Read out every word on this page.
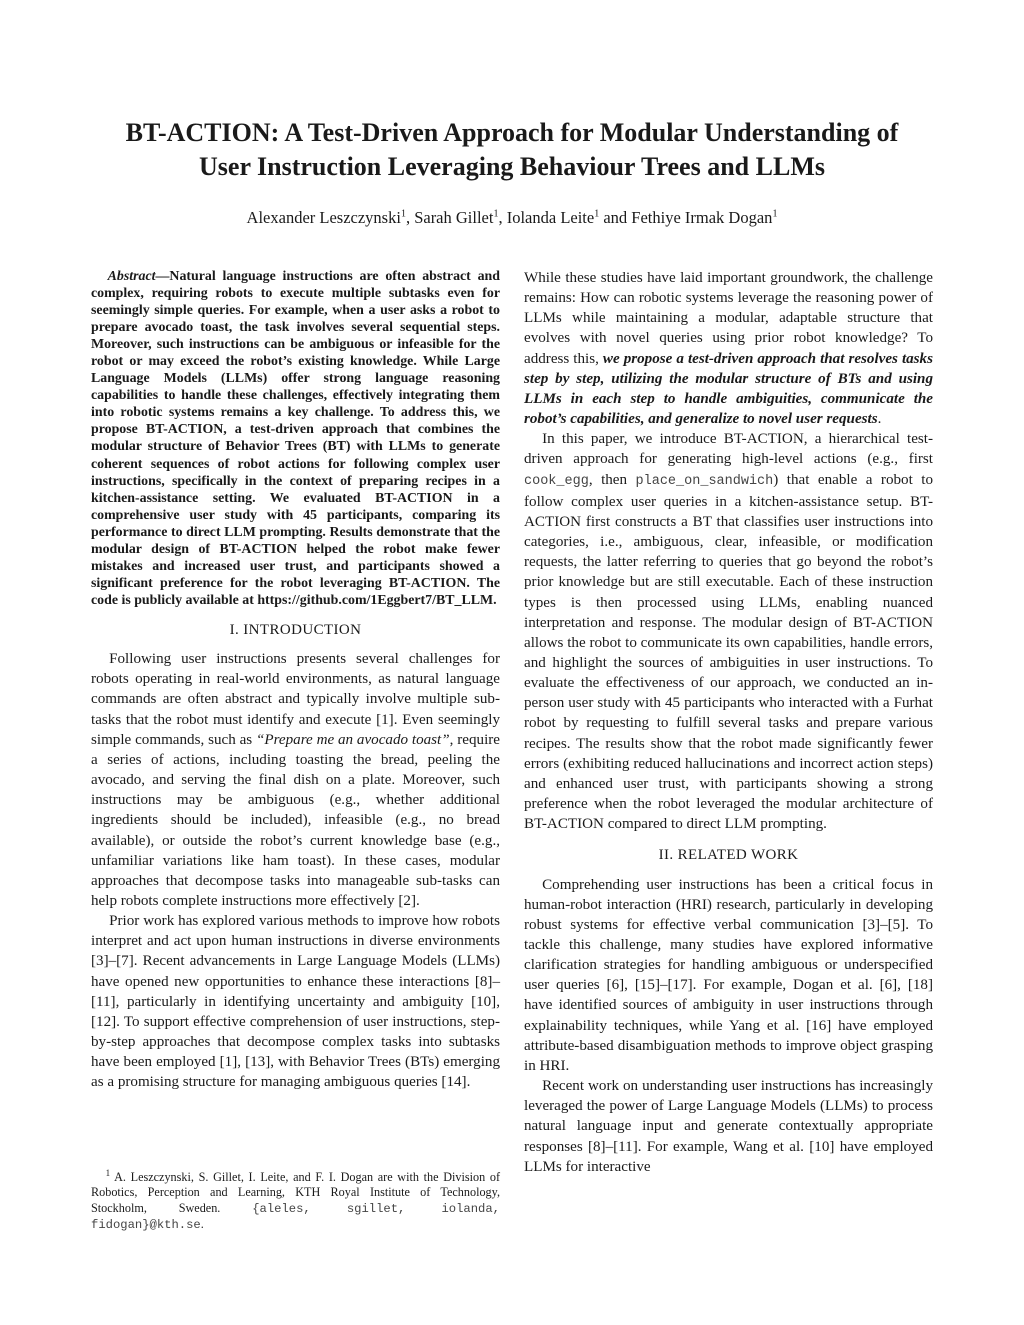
BT-ACTION: A Test-Driven Approach for Modular Understanding of
User Instruction Leveraging Behaviour Trees and LLMs
Alexander Leszczynski$^1$, Sarah Gillet$^1$, Iolanda Leite$^1$ and Fethiye Irmak Dogan$^1$

Abstract—Natural language instructions are often abstract and complex, requiring robots to execute multiple subtasks even for seemingly simple queries. For example, when a user asks a robot to prepare avocado toast, the task involves several sequential steps. Moreover, such instructions can be ambiguous or infeasible for the robot or may exceed the robot’s existing knowledge. While Large Language Models (LLMs) offer strong language reasoning capabilities to handle these challenges, effectively integrating them into robotic systems remains a key challenge. To address this, we propose BT-ACTION, a test-driven approach that combines the modular structure of Behavior Trees (BT) with LLMs to generate coherent sequences of robot actions for following complex user instructions, specifically in the context of preparing recipes in a kitchen-assistance setting. We evaluated BT-ACTION in a comprehensive user study with 45 participants, comparing its performance to direct LLM prompting. Results demonstrate that the modular design of BT-ACTION helped the robot make fewer mistakes and increased user trust, and participants showed a significant preference for the robot leveraging BT-ACTION. The code is publicly available at https://github.com/1Eggbert7/BT_LLM.

I. INTRODUCTION

Following user instructions presents several challenges for robots operating in real-world environments, as natural language commands are often abstract and typically involve multiple sub-tasks that the robot must identify and execute [1]. Even seemingly simple commands, such as “Prepare me an avocado toast”, require a series of actions, including toasting the bread, peeling the avocado, and serving the final dish on a plate. Moreover, such instructions may be ambiguous (e.g., whether additional ingredients should be included), infeasible (e.g., no bread available), or outside the robot’s current knowledge base (e.g., unfamiliar variations like ham toast). In these cases, modular approaches that decompose tasks into manageable sub-tasks can help robots complete instructions more effectively [2].

Prior work has explored various methods to improve how robots interpret and act upon human instructions in diverse environments [3]–[7]. Recent advancements in Large Language Models (LLMs) have opened new opportunities to enhance these interactions [8]–[11], particularly in identifying uncertainty and ambiguity [10], [12]. To support effective comprehension of user instructions, step-by-step approaches that decompose complex tasks into subtasks have been employed [1], [13], with Behavior Trees (BTs) emerging as a promising structure for managing ambiguous queries [14].

While these studies have laid important groundwork, the challenge remains: How can robotic systems leverage the reasoning power of LLMs while maintaining a modular, adaptable structure that evolves with novel queries using prior robot knowledge? To address this, we propose a test-driven approach that resolves tasks step by step, utilizing the modular structure of BTs and using LLMs in each step to handle ambiguities, communicate the robot’s capabilities, and generalize to novel user requests.

In this paper, we introduce BT-ACTION, a hierarchical test-driven approach for generating high-level actions (e.g., first cook_egg, then place_on_sandwich) that enable a robot to follow complex user queries in a kitchen-assistance setup. BT-ACTION first constructs a BT that classifies user instructions into categories, i.e., ambiguous, clear, infeasible, or modification requests, the latter referring to queries that go beyond the robot’s prior knowledge but are still executable. Each of these instruction types is then processed using LLMs, enabling nuanced interpretation and response. The modular design of BT-ACTION allows the robot to communicate its own capabilities, handle errors, and highlight the sources of ambiguities in user instructions. To evaluate the effectiveness of our approach, we conducted an in-person user study with 45 participants who interacted with a Furhat robot by requesting to fulfill several tasks and prepare various recipes. The results show that the robot made significantly fewer errors (exhibiting reduced hallucinations and incorrect action steps) and enhanced user trust, with participants showing a strong preference when the robot leveraged the modular architecture of BT-ACTION compared to direct LLM prompting.

II. RELATED WORK

Comprehending user instructions has been a critical focus in human-robot interaction (HRI) research, particularly in developing robust systems for effective verbal communication [3]–[5]. To tackle this challenge, many studies have explored informative clarification strategies for handling ambiguous or underspecified user queries [6], [15]–[17]. For example, Dogan et al. [6], [18] have identified sources of ambiguity in user instructions through explainability techniques, while Yang et al. [16] have employed attribute-based disambiguation methods to improve object grasping in HRI.

Recent work on understanding user instructions has increasingly leveraged the power of Large Language Models (LLMs) to process natural language input and generate contextually appropriate responses [8]–[11]. For example, Wang et al. [10] have employed LLMs for interactive

$^1$ A. Leszczynski, S. Gillet, I. Leite, and F. I. Dogan are with the Division of Robotics, Perception and Learning, KTH Royal Institute of Technology, Stockholm, Sweden. {aleles, sgillet, iolanda, fidogan}@kth.se.
